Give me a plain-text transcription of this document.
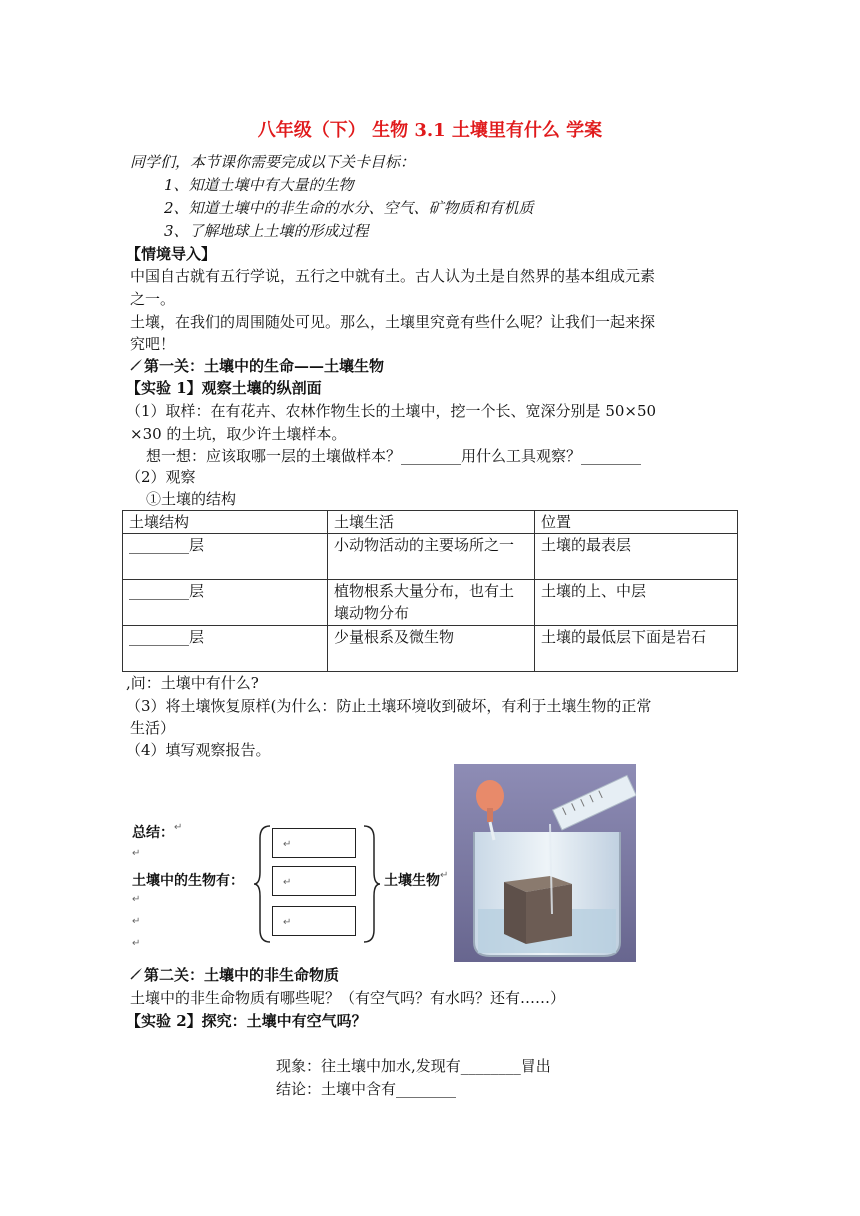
八年级（下） 生物 3.1 土壤里有什么 学案
同学们，本节课你需要完成以下关卡目标：
1、知道土壤中有大量的生物
2、知道土壤中的非生命的水分、空气、矿物质和有机质
3、了解地球上土壤的形成过程
【情境导入】
中国自古就有五行学说，五行之中就有土。古人认为土是自然界的基本组成元素
之一。
土壤，在我们的周围随处可见。那么，土壤里究竟有些什么呢？让我们一起来探
究吧！
第一关：土壤中的生命——土壤生物
【实验 1】观察土壤的纵剖面
（1）取样：在有花卉、农林作物生长的土壤中，挖一个长、宽深分别是 50×50
×30 的土坑，取少许土壤样本。
想一想：应该取哪一层的土壤做样本？________用什么工具观察？________
（2）观察
①土壤的结构
土壤结构	土壤生活	位置
________层	小动物活动的主要场所之一	土壤的最表层
________层	植物根系大量分布，也有土壤动物分布	土壤的上、中层
________层	少量根系及微生物	土壤的最低层下面是岩石
,问：土壤中有什么?
（3）将土壤恢复原样(为什么：防止土壤环境收到破坏，有利于土壤生物的正常
生活）
（4）填写观察报告。
总结： ↵
↵
土壤中的生物有：
↵
↵
↵
↵
↵
↵
土壤生物 ↵
第二关：土壤中的非生命物质
土壤中的非生命物质有哪些呢？（有空气吗？有水吗？还有……）
【实验 2】探究：土壤中有空气吗？
现象：往土壤中加水,发现有________冒出
结论：土壤中含有________
